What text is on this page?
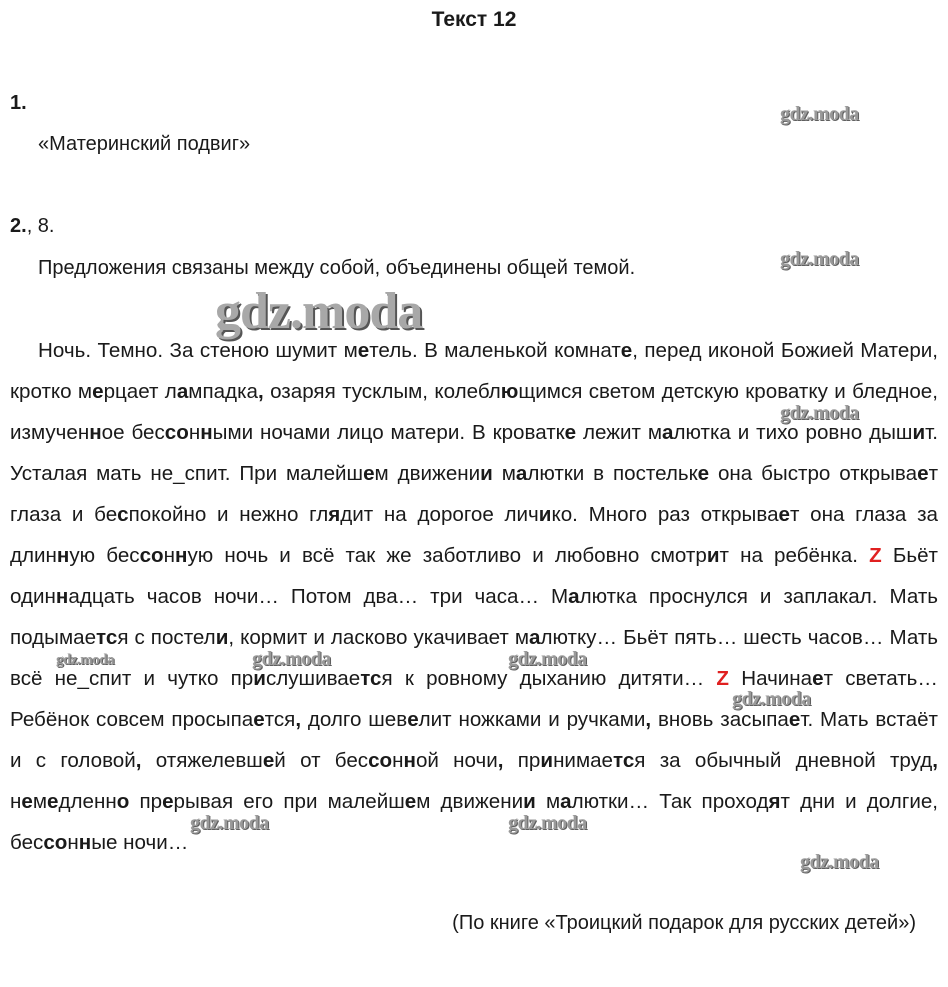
Текст 12
1.
«Материнский подвиг»
2., 8.
Предложения связаны между собой, объединены общей темой.
gdz.moda
gdz.moda
gdz.moda

Ночь. Темно. За стеною шумит метель. В маленькой комнате, перед иконой Божией Матери, кротко мерцает лампадка, озаряя тусклым, колеблющимся светом детскую кроватку и бледное, измученное бессонными ночами лицо матери. В кроватке лежит малютка и тихо ровно дышит. Усталая мать не_спит. При малейшем движении малютки в постельке она быстро открывает глаза и беспокойно и нежно глядит на дорогое личико. Много раз открывает она глаза за длинную бессонную ночь и всё так же заботливо и любовно смотрит на ребёнка. Z Бьёт одиннадцать часов ночи… Потом два… три часа… Малютка проснулся и заплакал. Мать подымается с постели, кормит и ласково укачивает малютку… Бьёт пять… шесть часов… Мать всё не_спит и чутко прислушивается к ровному дыханию дитяти… Z Начинает светать… Ребёнок совсем просыпается, долго шевелит ножками и ручками, вновь засыпает. Мать встаёт и с головой, отяжелевшей от бессонной ночи, принимается за обычный дневной труд, немедленно прерывая его при малейшем движении малютки… Так проходят дни и долгие, бессонные ночи…

gdz.moda
gdz.moda	gdz.moda	gdz.moda
gdz.moda
gdz.moda	gdz.moda
gdz.moda
(По книге «Троицкий подарок для русских детей»)
